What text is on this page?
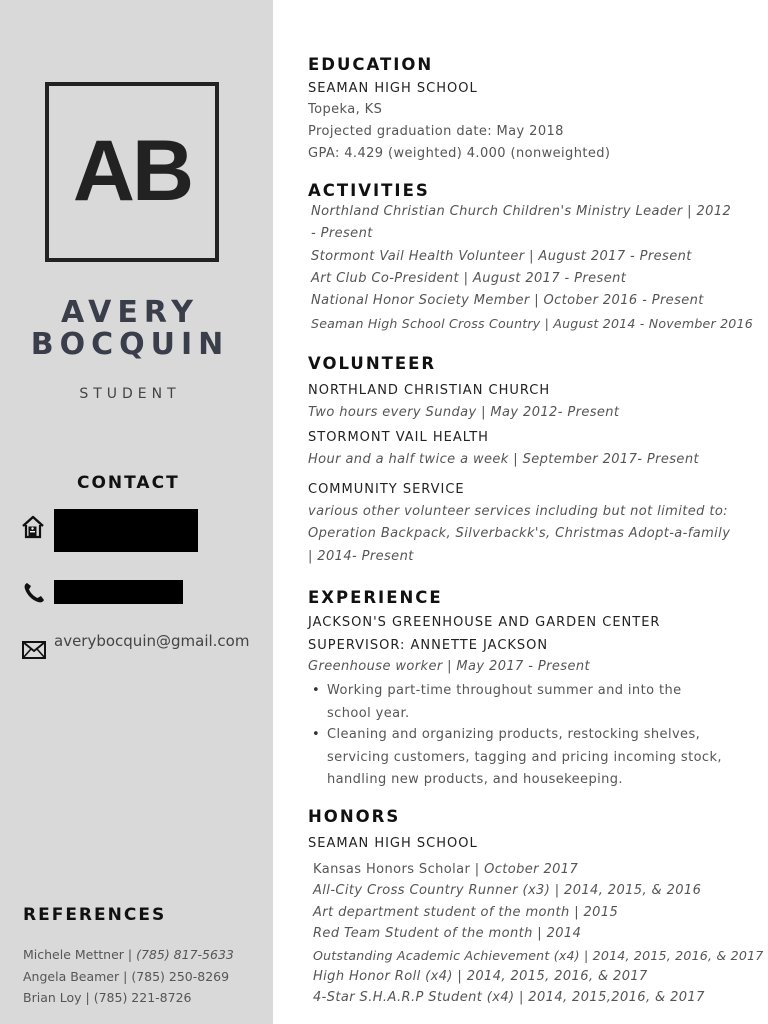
AB
AVERY
BOCQUIN
STUDENT
CONTACT
averybocquin@gmail.com
REFERENCES
Michele Mettner | (785) 817-5633
Angela Beamer | (785) 250-8269
Brian Loy | (785) 221-8726
EDUCATION
SEAMAN HIGH SCHOOL
Topeka, KS
Projected graduation date: May 2018
GPA: 4.429 (weighted) 4.000 (nonweighted)
ACTIVITIES
Northland Christian Church Children's Ministry Leader | 2012
- Present
Stormont Vail Health Volunteer | August 2017 - Present
Art Club Co-President | August 2017 - Present
National Honor Society Member | October 2016 - Present
Seaman High School Cross Country | August 2014 - November 2016
VOLUNTEER
NORTHLAND CHRISTIAN CHURCH
Two hours every Sunday | May 2012- Present
STORMONT VAIL HEALTH
Hour and a half twice a week | September 2017- Present
COMMUNITY SERVICE
various other volunteer services including but not limited to:
Operation Backpack, Silverbackk's, Christmas Adopt-a-family
| 2014- Present
EXPERIENCE
JACKSON'S GREENHOUSE AND GARDEN CENTER
SUPERVISOR: ANNETTE JACKSON
Greenhouse worker | May 2017 - Present
• Working part-time throughout summer and into the school year.
• Cleaning and organizing products, restocking shelves, servicing customers, tagging and pricing incoming stock, handling new products, and housekeeping.
HONORS
SEAMAN HIGH SCHOOL
Kansas Honors Scholar | October 2017
All-City Cross Country Runner (x3) | 2014, 2015, & 2016
Art department student of the month | 2015
Red Team Student of the month | 2014
Outstanding Academic Achievement (x4) | 2014, 2015, 2016, & 2017
High Honor Roll (x4) | 2014, 2015, 2016, & 2017
4-Star S.H.A.R.P Student (x4) | 2014, 2015,2016, & 2017
